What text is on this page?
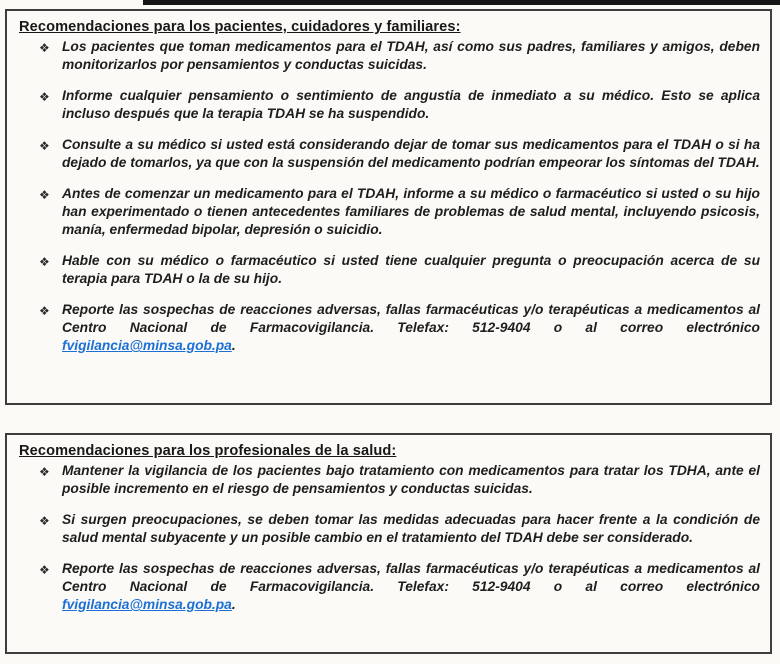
Recomendaciones para los pacientes, cuidadores y familiares:
❖ Los pacientes que toman medicamentos para el TDAH, así como sus padres, familiares y amigos, deben monitorizarlos por pensamientos y conductas suicidas.
❖ Informe cualquier pensamiento o sentimiento de angustia de inmediato a su médico. Esto se aplica incluso después que la terapia TDAH se ha suspendido.
❖ Consulte a su médico si usted está considerando dejar de tomar sus medicamentos para el TDAH o si ha dejado de tomarlos, ya que con la suspensión del medicamento podrían empeorar los síntomas del TDAH.
❖ Antes de comenzar un medicamento para el TDAH, informe a su médico o farmacéutico si usted o su hijo han experimentado o tienen antecedentes familiares de problemas de salud mental, incluyendo psicosis, manía, enfermedad bipolar, depresión o suicidio.
❖ Hable con su médico o farmacéutico si usted tiene cualquier pregunta o preocupación acerca de su terapia para TDAH o la de su hijo.
❖ Reporte las sospechas de reacciones adversas, fallas farmacéuticas y/o terapéuticas a medicamentos al Centro Nacional de Farmacovigilancia. Telefax: 512-9404 o al correo electrónico fvigilancia@minsa.gob.pa.
Recomendaciones para los profesionales de la salud:
❖ Mantener la vigilancia de los pacientes bajo tratamiento con medicamentos para tratar los TDHA, ante el posible incremento en el riesgo de pensamientos y conductas suicidas.
❖ Si surgen preocupaciones, se deben tomar las medidas adecuadas para hacer frente a la condición de salud mental subyacente y un posible cambio en el tratamiento del TDAH debe ser considerado.
❖ Reporte las sospechas de reacciones adversas, fallas farmacéuticas y/o terapéuticas a medicamentos al Centro Nacional de Farmacovigilancia. Telefax: 512-9404 o al correo electrónico fvigilancia@minsa.gob.pa.
